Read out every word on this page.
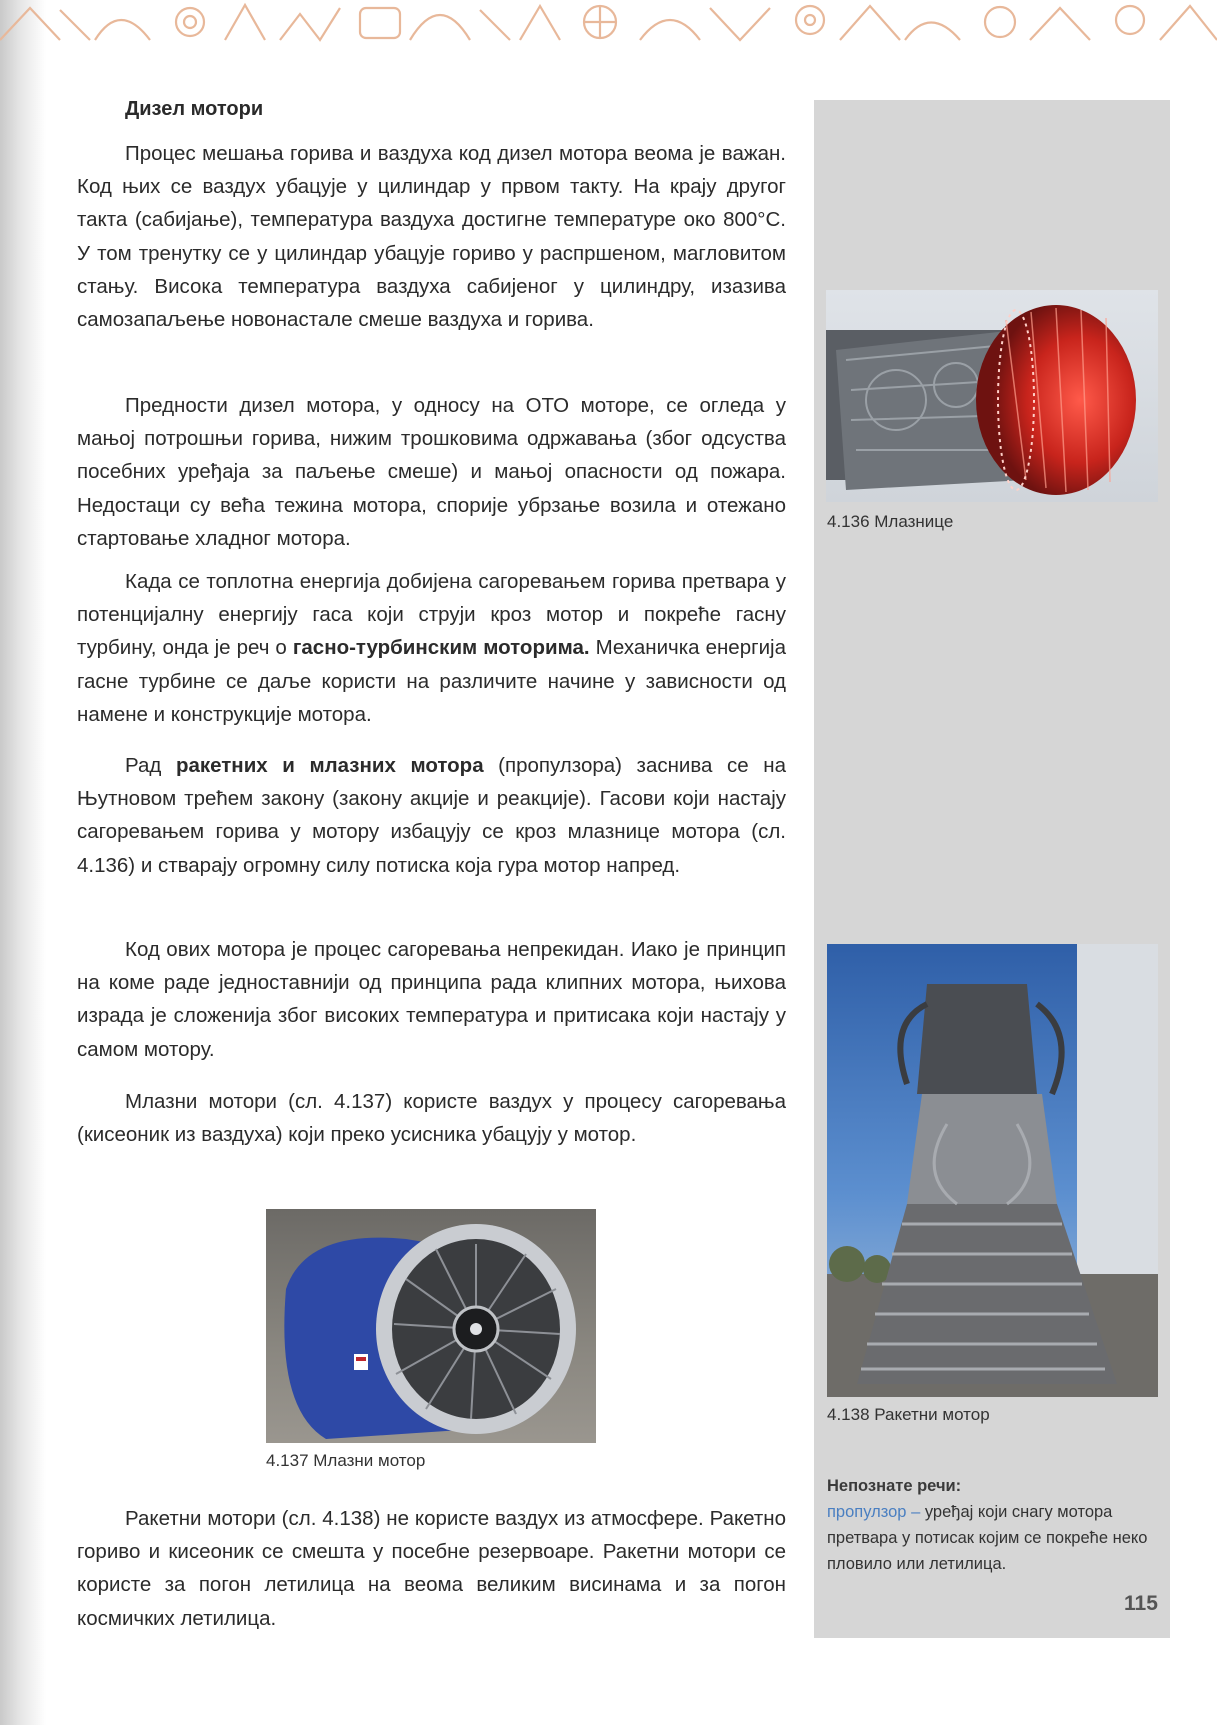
Дизел мотори

Процес мешања горива и ваздуха код дизел мотора веома је важан. Код њих се ваздух убацује у цилиндар у првом такту. На крају другог такта (сабијање), температура ваздуха достигне температуре око 800°C. У том тренутку се у цилиндар убацује гориво у распршеном, магловитом стању. Висока температура ваздуха сабијеног у цилиндру, изазива самозапаљење новонастале смеше ваздуха и горива.

Предности дизел мотора, у односу на ОТО моторе, се огледа у мањој потрошњи горива, нижим трошковима одржавања (због одсуства посебних уређаја за паљење смеше) и мањој опасности од пожара. Недостаци су већа тежина мотора, спорије убрзање возила и отежано стартовање хладног мотора.

Када се топлотна енергија добијена сагоревањем горива претвара у потенцијалну енергију гаса који струји кроз мотор и покреће гасну турбину, онда је реч о гасно-турбинским моторима. Механичка енергија гасне турбине се даље користи на различите начине у зависности од намене и конструкције мотора.

Рад ракетних и млазних мотора (пропулзора) заснива се на Њутновом трећем закону (закону акције и реакције). Гасови који настају сагоревањем горива у мотору избацују се кроз млазнице мотора (сл. 4.136) и стварају огромну силу потиска која гура мотор напред.

Код ових мотора је процес сагоревања непрекидан. Иако је принцип на коме раде једноставнији од принципа рада клипних мотора, њихова израда је сложенија због високих температура и притисака који настају у самом мотору.

Млазни мотори (сл. 4.137) користе ваздух у процесу сагоревања (кисеоник из ваздуха) који преко усисника убацују у мотор.

Ракетни мотори (сл. 4.138) не користе ваздух из атмосфере. Ракетно гориво и кисеоник се смешта у посебне резервоаре. Ракетни мотори се користе за погон летилица на веома великим висинама и за погон космичких летилица.

4.136 Млазнице

4.138 Ракетни мотор

4.137 Млазни мотор

Непознате речи:
пропулзор – уређај који снагу мотора претвара у потисак којим се покреће неко пловило или летилица.
115
